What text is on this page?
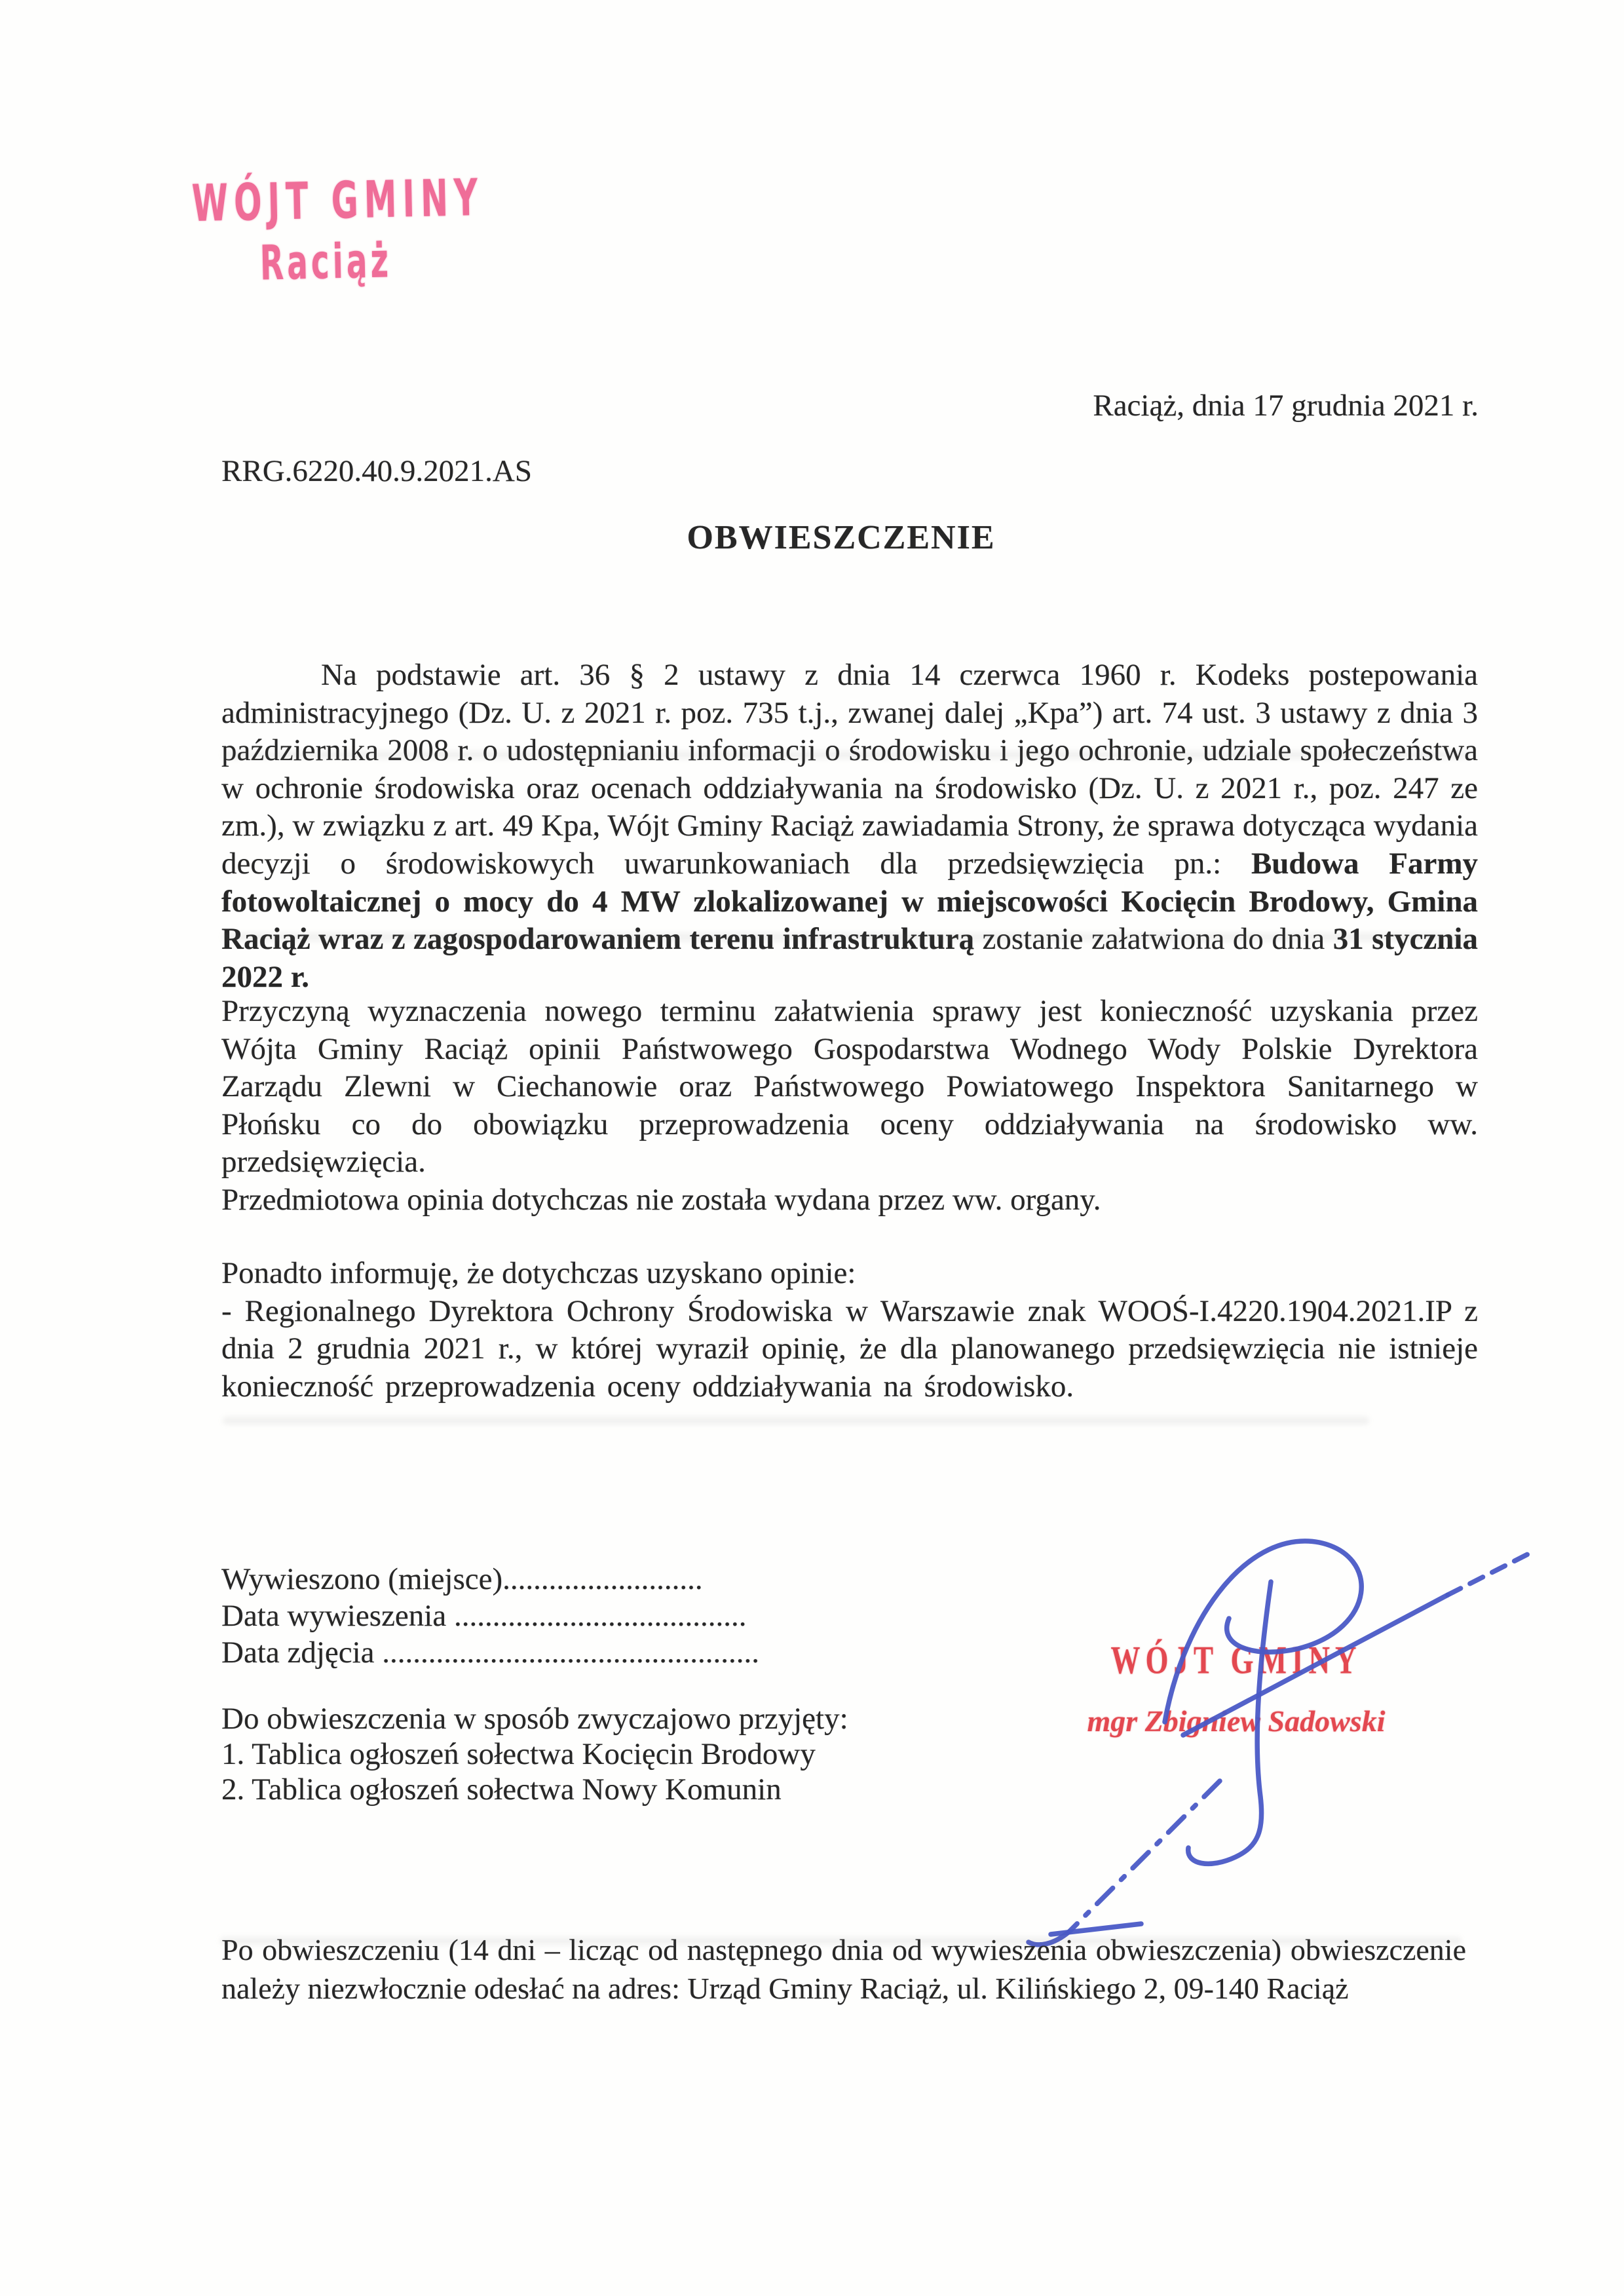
WÓJT GMINY
Raciąż
Raciąż, dnia 17 grudnia 2021 r.
RRG.6220.40.9.2021.AS
OBWIESZCZENIE

Na podstawie art. 36 § 2 ustawy z dnia 14 czerwca 1960 r. Kodeks postepowania administracyjnego (Dz. U. z 2021 r. poz. 735 t.j., zwanej dalej „Kpa”) art. 74 ust. 3 ustawy z dnia 3 października 2008 r. o udostępnianiu informacji o środowisku i jego ochronie, udziale społeczeństwa w ochronie środowiska oraz ocenach oddziaływania na środowisko (Dz. U. z 2021 r., poz. 247 ze zm.), w związku z art. 49 Kpa, Wójt Gminy Raciąż zawiadamia Strony, że sprawa dotycząca wydania decyzji o środowiskowych uwarunkowaniach dla przedsięwzięcia pn.: Budowa Farmy fotowoltaicznej o mocy do 4 MW zlokalizowanej w miejscowości Kocięcin Brodowy, Gmina Raciąż wraz z zagospodarowaniem terenu infrastrukturą zostanie załatwiona do dnia 31 stycznia 2022 r.

Przyczyną wyznaczenia nowego terminu załatwienia sprawy jest konieczność uzyskania przez Wójta Gminy Raciąż opinii Państwowego Gospodarstwa Wodnego Wody Polskie Dyrektora Zarządu Zlewni w Ciechanowie oraz Państwowego Powiatowego Inspektora Sanitarnego w Płońsku co do obowiązku przeprowadzenia oceny oddziaływania na środowisko ww. przedsięwzięcia.
Przedmiotowa opinia dotychczas nie została wydana przez ww. organy.
Ponadto informuję, że dotychczas uzyskano opinie:
- Regionalnego Dyrektora Ochrony Środowiska w Warszawie znak WOOŚ-I.4220.1904.2021.IP z dnia 2 grudnia 2021 r., w której wyraził opinię, że dla planowanego przedsięwzięcia nie istnieje konieczność przeprowadzenia oceny oddziaływania na środowisko.
Wywieszono (miejsce)..........................
Data wywieszenia ......................................
Data zdjęcia .................................................
Do obwieszczenia w sposób zwyczajowo przyjęty:
1. Tablica ogłoszeń sołectwa Kocięcin Brodowy
2. Tablica ogłoszeń sołectwa Nowy Komunin
WÓJT GMINY
mgr Zbigniew Sadowski

Po obwieszczeniu (14 dni – licząc od następnego dnia od wywieszenia obwieszczenia) obwieszczenie należy niezwłocznie odesłać na adres: Urząd Gminy Raciąż, ul. Kilińskiego 2, 09-140 Raciąż
